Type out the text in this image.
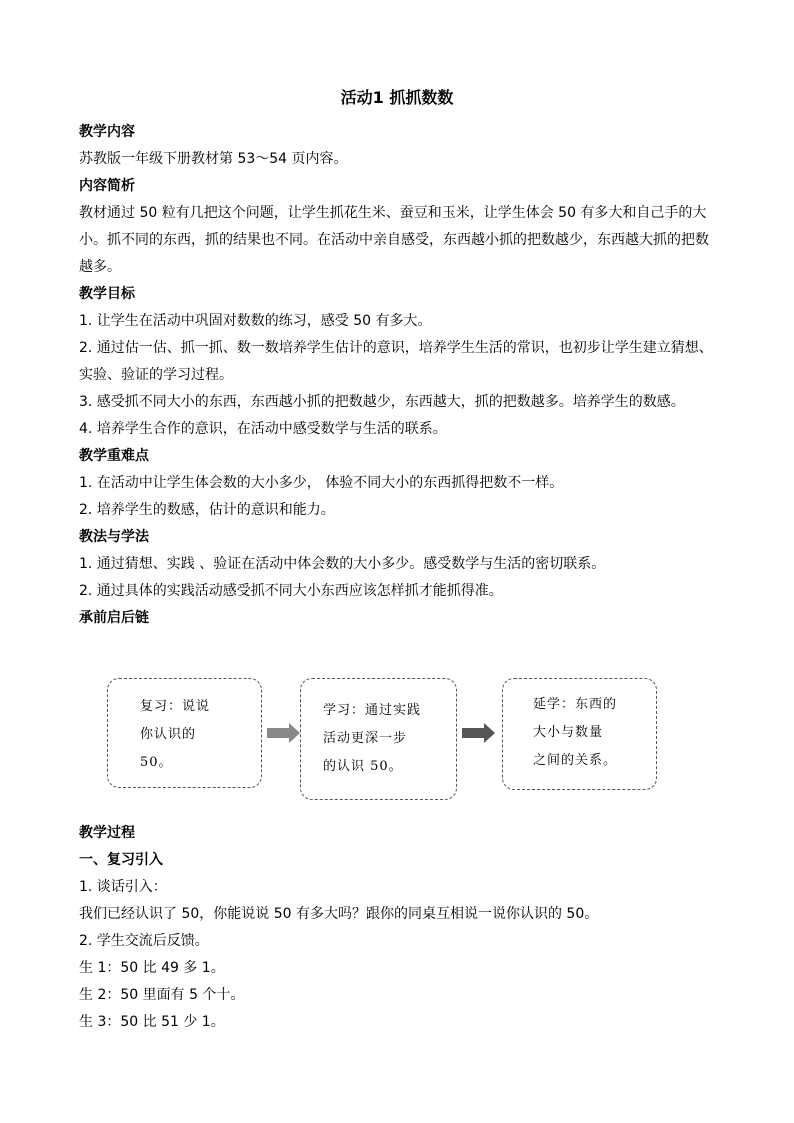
活动1 抓抓数数

教学内容

苏教版一年级下册教材第 53～54 页内容。

内容简析

教材通过 50 粒有几把这个问题，让学生抓花生米、蚕豆和玉米，让学生体会 50 有多大和自己手的大小。抓不同的东西，抓的结果也不同。在活动中亲自感受，东西越小抓的把数越少，东西越大抓的把数越多。

教学目标

1. 让学生在活动中巩固对数数的练习，感受 50 有多大。

2. 通过估一估、抓一抓、数一数培养学生估计的意识，培养学生生活的常识，也初步让学生建立猜想、实验、验证的学习过程。

3. 感受抓不同大小的东西，东西越小抓的把数越少，东西越大，抓的把数越多。培养学生的数感。

4. 培养学生合作的意识，在活动中感受数学与生活的联系。

教学重难点

1. 在活动中让学生体会数的大小多少， 体验不同大小的东西抓得把数不一样。

2. 培养学生的数感，估计的意识和能力。

教法与学法

1. 通过猜想、实践 、验证在活动中体会数的大小多少。感受数学与生活的密切联系。

2. 通过具体的实践活动感受抓不同大小东西应该怎样抓才能抓得准。

承前启后链

复习：说说
你认识的
50。
学习：通过实践
活动更深一步
的认识 50。
延学：东西的
大小与数量
之间的关系。

教学过程

一、复习引入

1. 谈话引入：

我们已经认识了 50，你能说说 50 有多大吗？跟你的同桌互相说一说你认识的 50。

2. 学生交流后反馈。

生 1：50 比 49 多 1。

生 2：50 里面有 5 个十。

生 3：50 比 51 少 1。
